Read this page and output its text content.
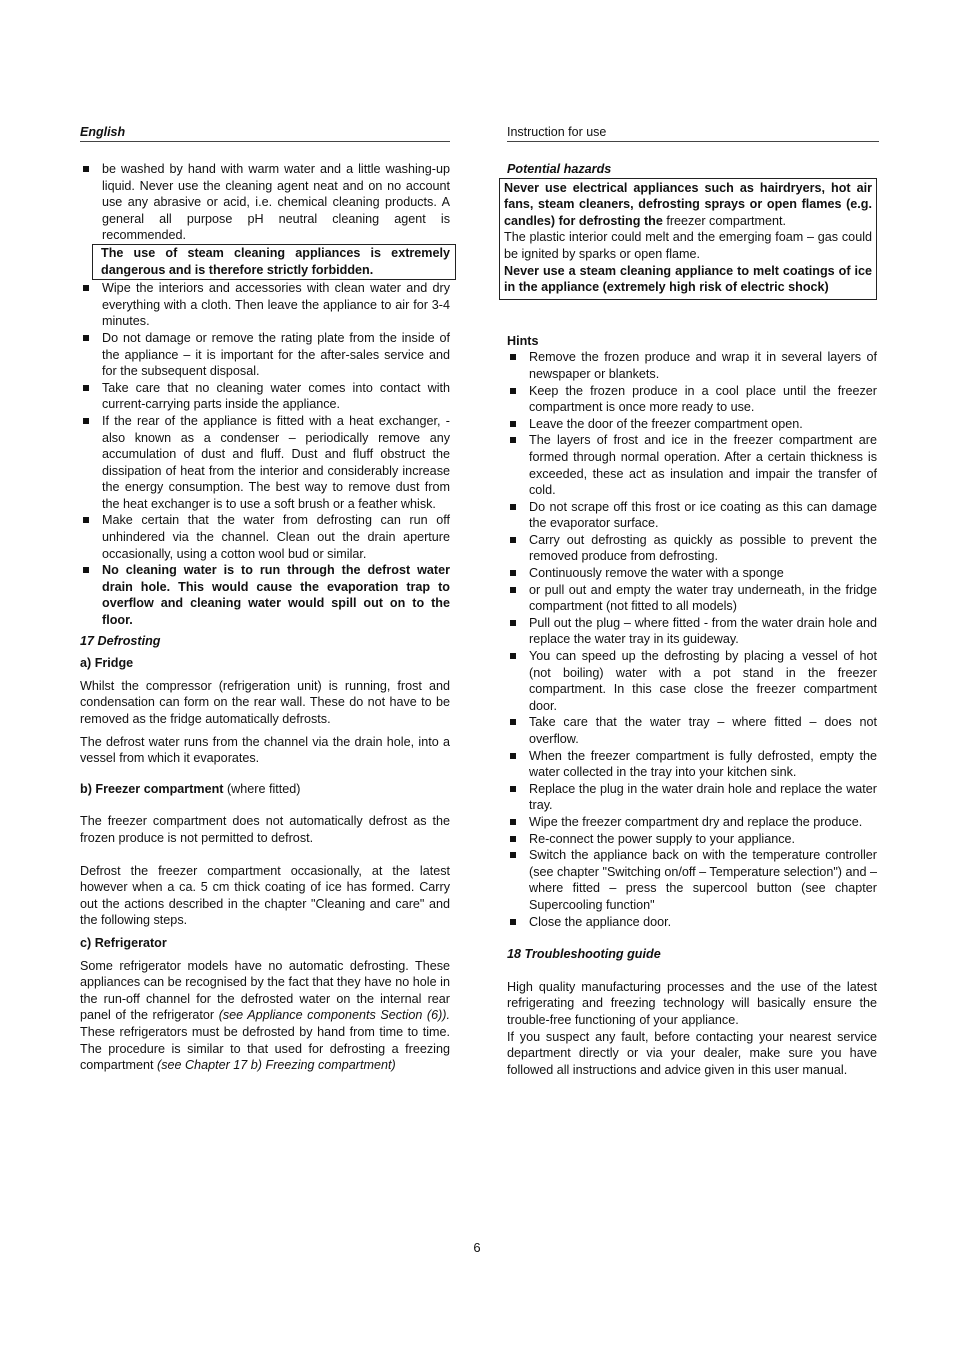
English
be washed by hand with warm water and a little washing-up liquid. Never use the cleaning agent neat and on no account use any abrasive or acid, i.e. chemical cleaning products. A general all purpose pH neutral cleaning agent is recommended.
The use of steam cleaning appliances is extremely dangerous and is therefore strictly forbidden.
Wipe the interiors and accessories with clean water and dry everything with a cloth. Then leave the appliance to air for 3-4 minutes.
Do not damage or remove the rating plate from the inside of the appliance – it is important for the after-sales service and for the subsequent disposal.
Take care that no cleaning water comes into contact with current-carrying parts inside the appliance.
If the rear of the appliance is fitted with a heat exchanger, - also known as a condenser – periodically remove any accumulation of dust and fluff. Dust and fluff obstruct the dissipation of heat from the interior and considerably increase the energy consumption. The best way to remove dust from the heat exchanger is to use a soft brush or a feather whisk.
Make certain that the water from defrosting can run off unhindered via the channel. Clean out the drain aperture occasionally, using a cotton wool bud or similar.
No cleaning water is to run through the defrost water drain hole. This would cause the evaporation trap to overflow and cleaning water would spill out on to the floor.
17 Defrosting
a) Fridge

Whilst the compressor (refrigeration unit) is running, frost and condensation can form on the rear wall. These do not have to be removed as the fridge automatically defrosts.

The defrost water runs from the channel via the drain hole, into a vessel from which it evaporates.

b) Freezer compartment (where fitted)

The freezer compartment does not automatically defrost as the frozen produce is not permitted to defrost.

Defrost the freezer compartment occasionally, at the latest however when a ca. 5 cm thick coating of ice has formed. Carry out the actions described in the chapter "Cleaning and care" and the following steps.

c) Refrigerator

Some refrigerator models have no automatic defrosting. These appliances can be recognised by the fact that they have no hole in the run-off channel for the defrosted water on the internal rear panel of the refrigerator (see Appliance components Section (6)). These refrigerators must be defrosted by hand from time to time. The procedure is similar to that used for defrosting a freezing compartment (see Chapter 17 b) Freezing compartment)

Instruction for use
Potential hazards

Never use electrical appliances such as hairdryers, hot air fans, steam cleaners, defrosting sprays or open flames (e.g. candles) for defrosting the freezer compartment.

The plastic interior could melt and the emerging foam – gas could be ignited by sparks or open flame.

Never use a steam cleaning appliance to melt coatings of ice in the appliance (extremely high risk of electric shock)

Hints
Remove the frozen produce and wrap it in several layers of newspaper or blankets.
Keep the frozen produce in a cool place until the freezer compartment is once more ready to use.
Leave the door of the freezer compartment open.
The layers of frost and ice in the freezer compartment are formed through normal operation. After a certain thickness is exceeded, these act as insulation and impair the transfer of cold.
Do not scrape off this frost or ice coating as this can damage the evaporator surface.
Carry out defrosting as quickly as possible to prevent the removed produce from defrosting.
Continuously remove the water with a sponge
or pull out and empty the water tray underneath, in the fridge compartment (not fitted to all models)
Pull out the plug – where fitted - from the water drain hole and replace the water tray in its guideway.
You can speed up the defrosting by placing a vessel of hot (not boiling) water with a pot stand in the freezer compartment. In this case close the freezer compartment door.
Take care that the water tray – where fitted – does not overflow.
When the freezer compartment is fully defrosted, empty the water collected in the tray into your kitchen sink.
Replace the plug in the water drain hole and replace the water tray.
Wipe the freezer compartment dry and replace the produce.
Re-connect the power supply to your appliance.
Switch the appliance back on with the temperature controller (see chapter "Switching on/off – Temperature selection") and – where fitted – press the supercool button (see chapter Supercooling function"
Close the appliance door.
18 Troubleshooting guide

High quality manufacturing processes and the use of the latest refrigerating and freezing technology will basically ensure the trouble-free functioning of your appliance.

If you suspect any fault, before contacting your nearest service department directly or via your dealer, make sure you have followed all instructions and advice given in this user manual.

6
